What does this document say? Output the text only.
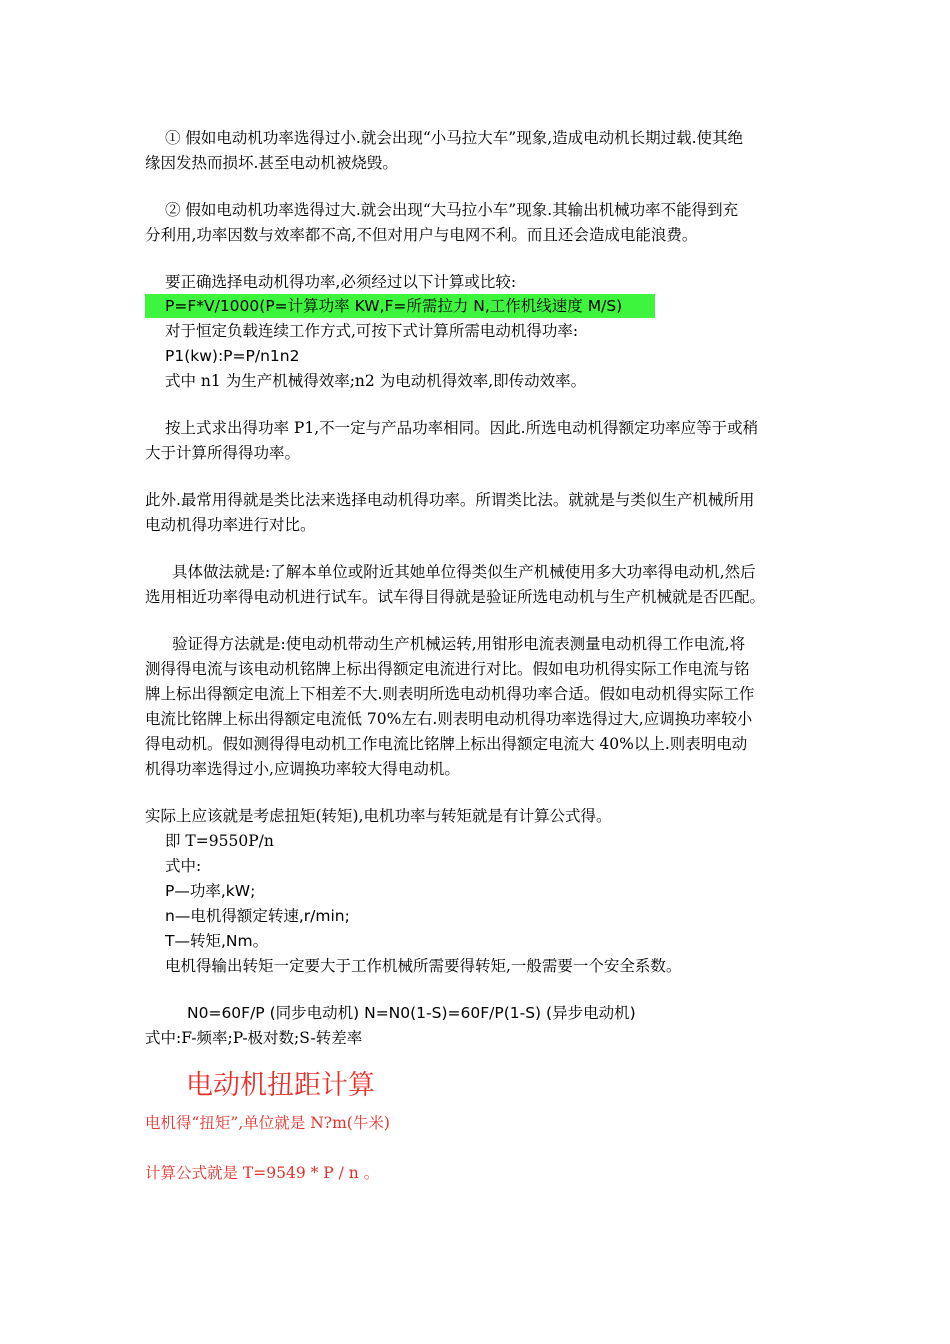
① 假如电动机功率选得过小.就会出现“小马拉大车”现象,造成电动机长期过载.使其绝
缘因发热而损坏.甚至电动机被烧毁。
② 假如电动机功率选得过大.就会出现“大马拉小车”现象.其输出机械功率不能得到充
分利用,功率因数与效率都不高,不但对用户与电网不利。而且还会造成电能浪费。
要正确选择电动机得功率,必须经过以下计算或比较:
P=F*V/1000(P=计算功率 KW,F=所需拉力 N,工作机线速度 M/S)
对于恒定负载连续工作方式,可按下式计算所需电动机得功率:
P1(kw):P=P/n1n2
式中 n1 为生产机械得效率;n2 为电动机得效率,即传动效率。
按上式求出得功率 P1,不一定与产品功率相同。因此.所选电动机得额定功率应等于或稍
大于计算所得得功率。
此外.最常用得就是类比法来选择电动机得功率。所谓类比法。就就是与类似生产机械所用
电动机得功率进行对比。
具体做法就是:了解本单位或附近其她单位得类似生产机械使用多大功率得电动机,然后
选用相近功率得电动机进行试车。试车得目得就是验证所选电动机与生产机械就是否匹配。
验证得方法就是:使电动机带动生产机械运转,用钳形电流表测量电动机得工作电流,将
测得得电流与该电动机铭牌上标出得额定电流进行对比。假如电功机得实际工作电流与铭
牌上标出得额定电流上下相差不大.则表明所选电动机得功率合适。假如电动机得实际工作
电流比铭牌上标出得额定电流低 70%左右.则表明电动机得功率选得过大,应调换功率较小
得电动机。假如测得得电动机工作电流比铭牌上标出得额定电流大 40%以上.则表明电动
机得功率选得过小,应调换功率较大得电动机。
实际上应该就是考虑扭矩(转矩),电机功率与转矩就是有计算公式得。
即 T=9550P/n
式中:
P—功率,kW;
n—电机得额定转速,r/min;
T—转矩,Nm。
电机得输出转矩一定要大于工作机械所需要得转矩,一般需要一个安全系数。
N0=60F/P (同步电动机) N=N0(1-S)=60F/P(1-S) (异步电动机)
式中:F-频率;P-极对数;S-转差率
电动机扭距计算
电机得“扭矩”,单位就是 N?m(牛米)
计算公式就是 T=9549 * P / n 。
